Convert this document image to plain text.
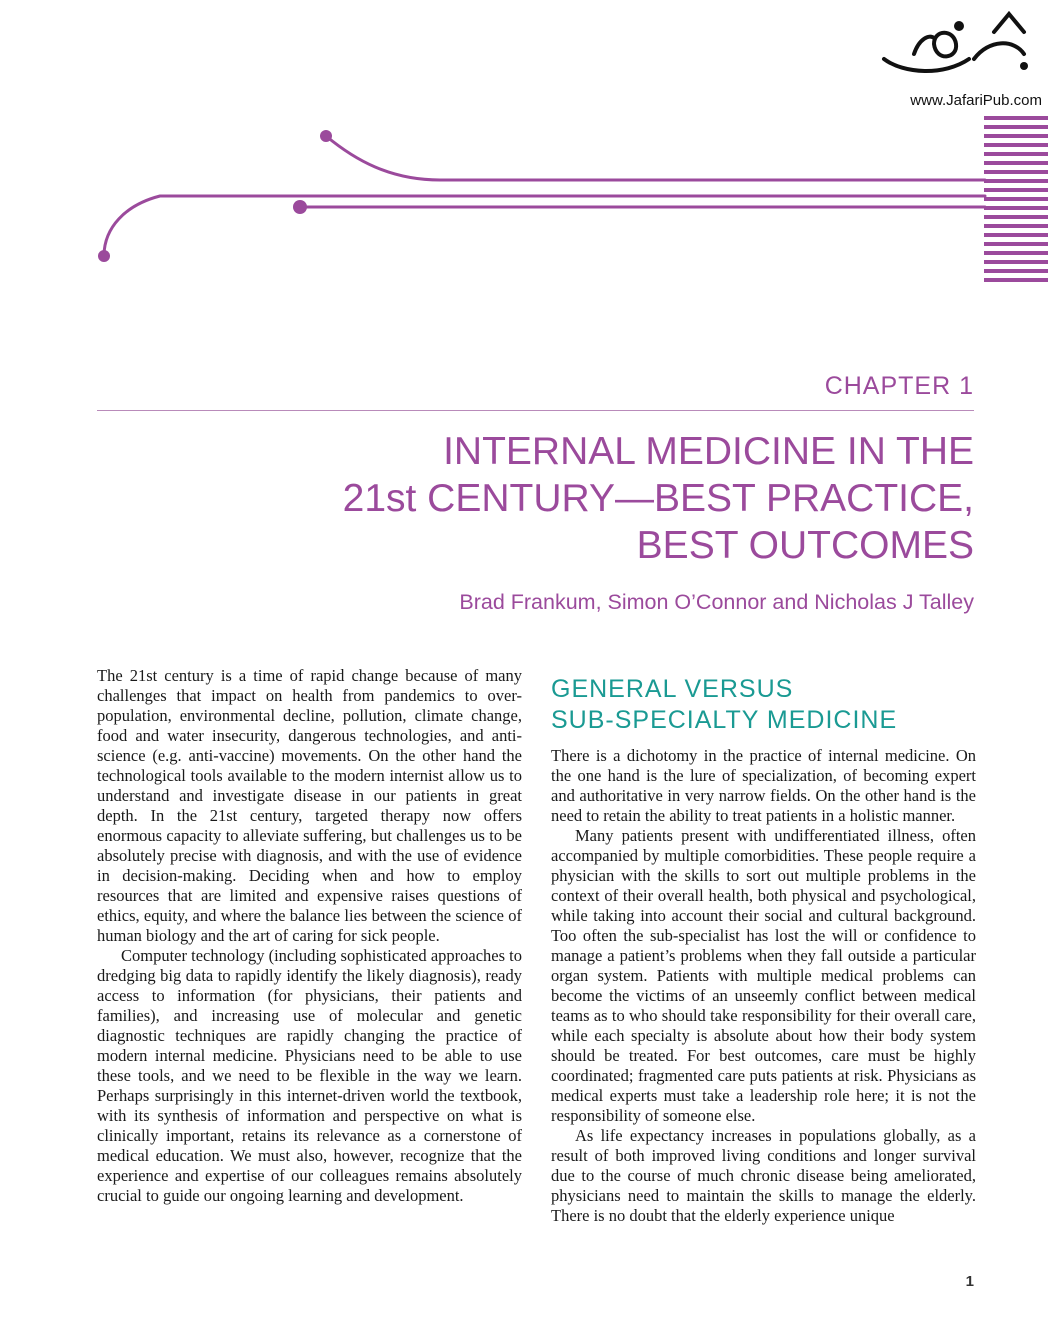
www.JafariPub.com
CHAPTER 1
INTERNAL MEDICINE IN THE
21st CENTURY—BEST PRACTICE,
BEST OUTCOMES
Brad Frankum, Simon O’Connor and Nicholas J Talley

The 21st century is a time of rapid change because of many challenges that impact on health from pandemics to over-population, environmental decline, pollution, climate change, food and water insecurity, dangerous technologies, and anti-science (e.g. anti-vaccine) movements. On the other hand the technological tools available to the modern internist allow us to understand and investigate disease in our patients in great depth. In the 21st century, targeted therapy now offers enormous capacity to alleviate suffering, but challenges us to be absolutely precise with diagnosis, and with the use of evidence in decision-making. Deciding when and how to employ resources that are limited and expensive raises questions of ethics, equity, and where the balance lies between the science of human biology and the art of caring for sick people.

Computer technology (including sophisticated approaches to dredging big data to rapidly identify the likely diagnosis), ready access to information (for physicians, their patients and families), and increasing use of molecular and genetic diagnostic techniques are rapidly changing the practice of modern internal medicine. Physicians need to be able to use these tools, and we need to be flexible in the way we learn. Perhaps surprisingly in this internet-driven world the textbook, with its synthesis of information and perspective on what is clinically important, retains its relevance as a cornerstone of medical education. We must also, however, recognize that the experience and expertise of our colleagues remains absolutely crucial to guide our ongoing learning and development.

GENERAL VERSUS
SUB-SPECIALTY MEDICINE

There is a dichotomy in the practice of internal medicine. On the one hand is the lure of specialization, of becoming expert and authoritative in very narrow fields. On the other hand is the need to retain the ability to treat patients in a holistic manner.

Many patients present with undifferentiated illness, often accompanied by multiple comorbidities. These people require a physician with the skills to sort out multiple problems in the context of their overall health, both physical and psychological, while taking into account their social and cultural background. Too often the sub-specialist has lost the will or confidence to manage a patient’s problems when they fall outside a particular organ system. Patients with multiple medical problems can become the victims of an unseemly conflict between medical teams as to who should take responsibility for their overall care, while each specialty is absolute about how their body system should be treated. For best outcomes, care must be highly coordinated; fragmented care puts patients at risk. Physicians as medical experts must take a leadership role here; it is not the responsibility of someone else.

As life expectancy increases in populations globally, as a result of both improved living conditions and longer survival due to the course of much chronic disease being ameliorated, physicians need to maintain the skills to manage the elderly. There is no doubt that the elderly experience unique

1
